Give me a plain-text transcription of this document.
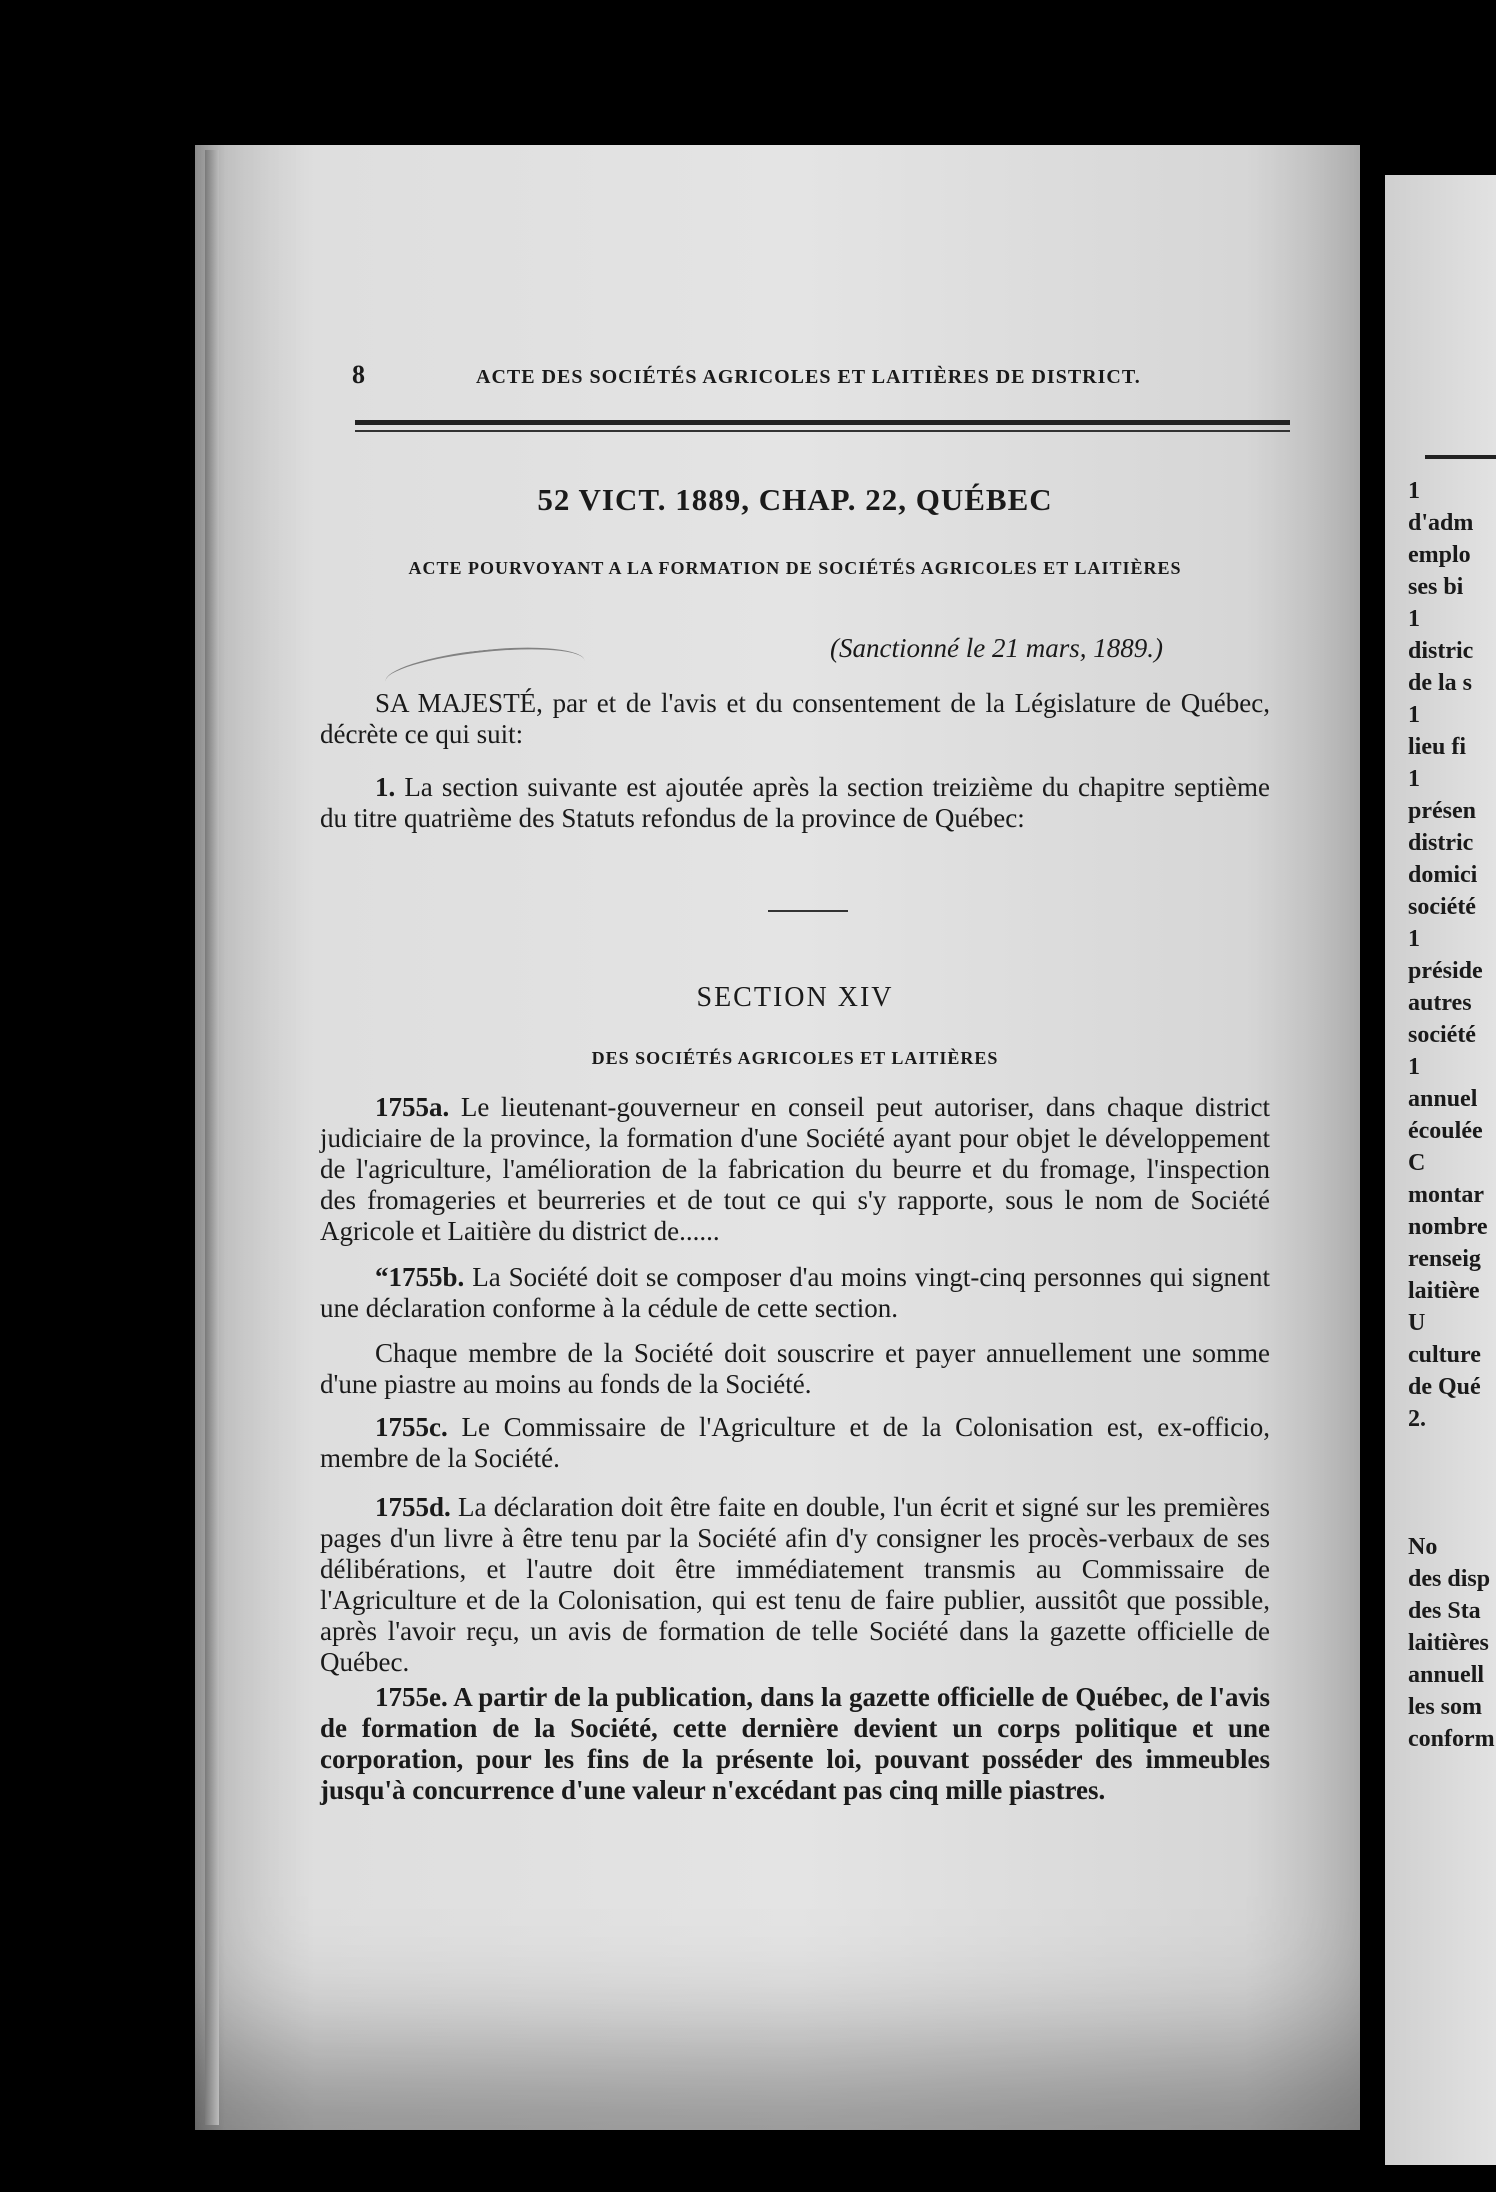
8	ACTE DES SOCIÉTÉS AGRICOLES ET LAITIÈRES DE DISTRICT.
52 VICT. 1889, CHAP. 22, QUÉBEC
ACTE POURVOYANT A LA FORMATION DE SOCIÉTÉS AGRICOLES ET LAITIÈRES
(Sanctionné le 21 mars, 1889.)
SA MAJESTÉ, par et de l'avis et du consentement de la Législature de Québec, décrète ce qui suit:
1. La section suivante est ajoutée après la section treizième du chapitre septième du titre quatrième des Statuts refondus de la province de Québec:
SECTION XIV
DES SOCIÉTÉS AGRICOLES ET LAITIÈRES
1755a. Le lieutenant-gouverneur en conseil peut autoriser, dans chaque district judiciaire de la province, la formation d'une Société ayant pour objet le développement de l'agriculture, l'amélioration de la fabrication du beurre et du fromage, l'inspection des fromageries et beurreries et de tout ce qui s'y rapporte, sous le nom de Société Agricole et Laitière du district de......
“1755b. La Société doit se composer d'au moins vingt-cinq personnes qui signent une déclaration conforme à la cédule de cette section.
Chaque membre de la Société doit souscrire et payer annuellement une somme d'une piastre au moins au fonds de la Société.
1755c. Le Commissaire de l'Agriculture et de la Colonisation est, ex-officio, membre de la Société.
1755d. La déclaration doit être faite en double, l'un écrit et signé sur les premières pages d'un livre à être tenu par la Société afin d'y consigner les procès-verbaux de ses délibérations, et l'autre doit être immédiatement transmis au Commissaire de l'Agriculture et de la Colonisation, qui est tenu de faire publier, aussitôt que possible, après l'avoir reçu, un avis de formation de telle Société dans la gazette officielle de Québec.
1755e. A partir de la publication, dans la gazette officielle de Québec, de l'avis de formation de la Société, cette dernière devient un corps politique et une corporation, pour les fins de la présente loi, pouvant posséder des immeubles jusqu'à concurrence d'une valeur n'excédant pas cinq mille piastres.
1
d'adm
emplo
ses bi
1
distric
de la s
1
lieu fi
1
présen
distric
domici
société
1
préside
autres
société
1
annuel
écoulée
C
montar
nombre
renseig
laitière
U
culture
de Qué
2.
No
des disp
des Sta
laitières
annuell
les som
conform
